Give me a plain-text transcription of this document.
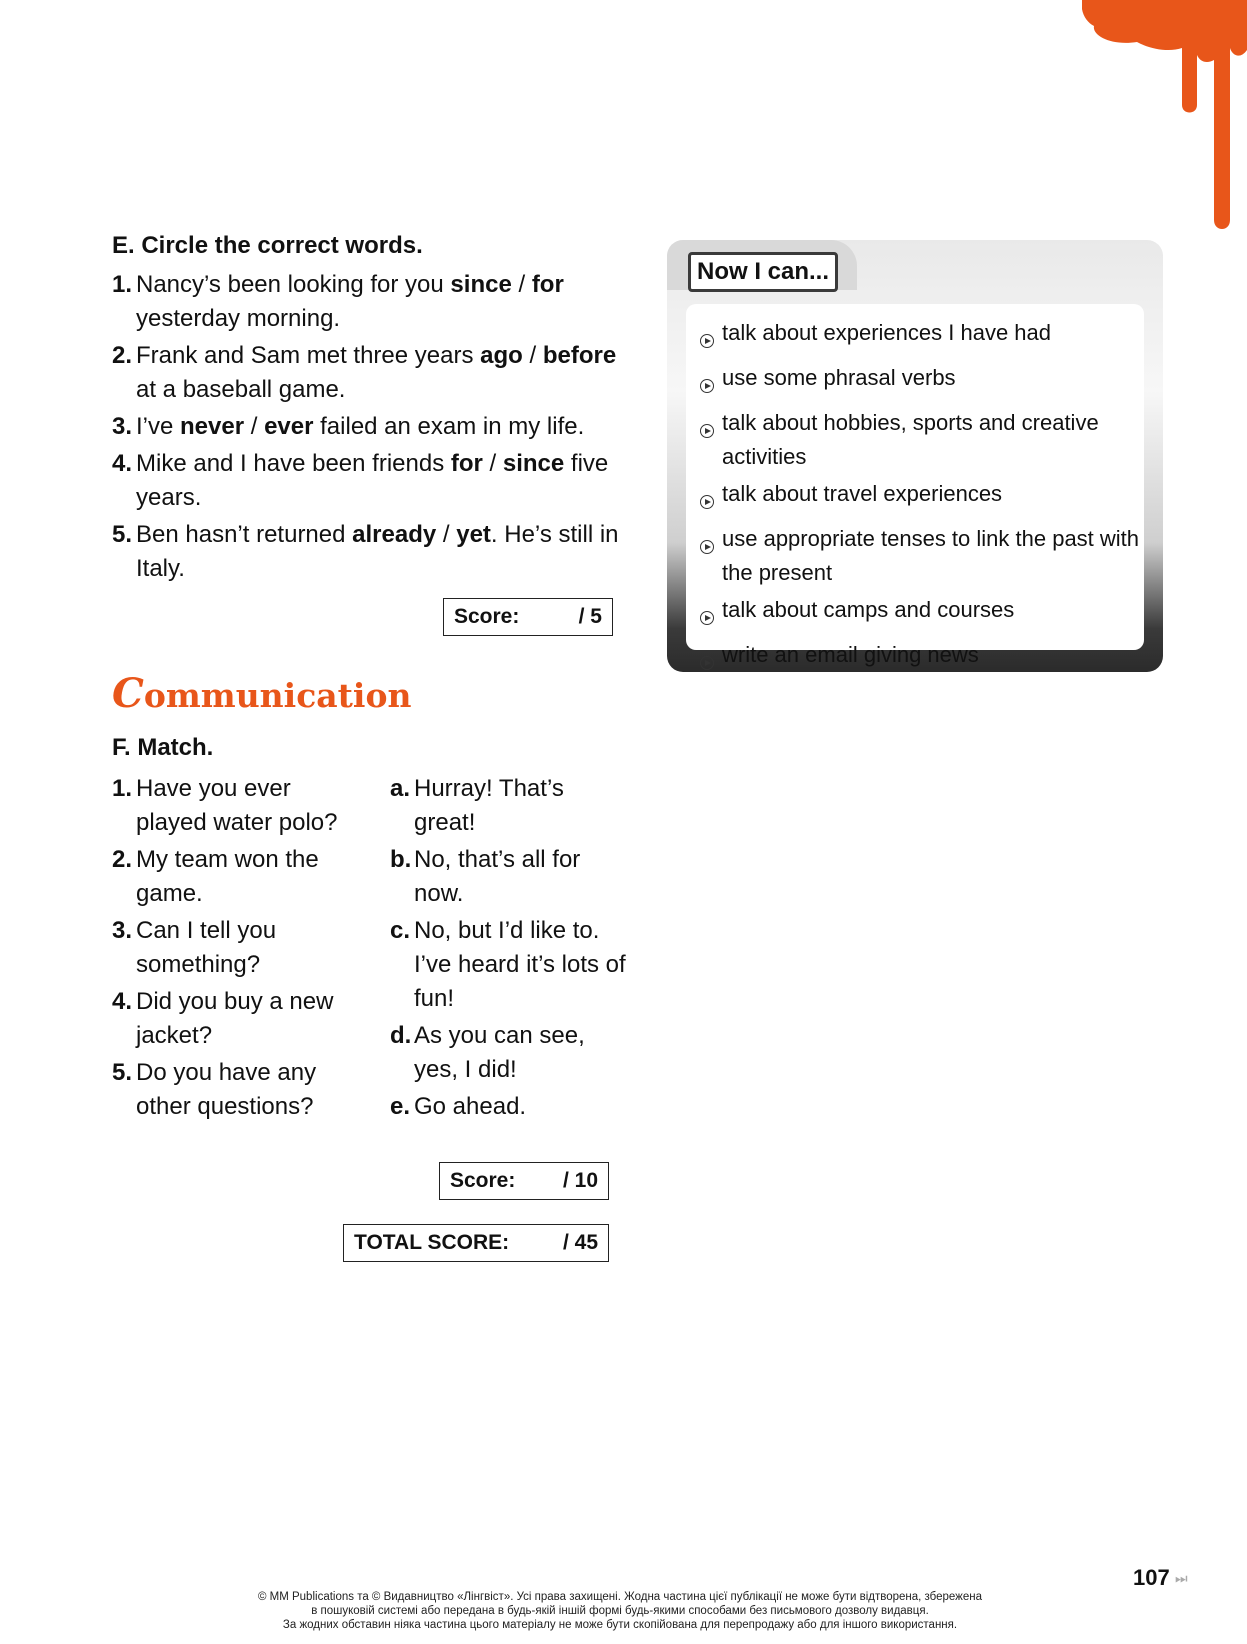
E. Circle the correct words.
1. Nancy’s been looking for you since / for yesterday morning.
2. Frank and Sam met three years ago / before at a baseball game.
3. I’ve never / ever failed an exam in my life.
4. Mike and I have been friends for / since five years.
5. Ben hasn’t returned already / yet. He’s still in Italy.
Score:	/ 5
Communication
F. Match.
1. Have you ever played water polo?
2. My team won the game.
3. Can I tell you something?
4. Did you buy a new jacket?
5. Do you have any other questions?
a. Hurray! That’s great!
b. No, that’s all for now.
c. No, but I’d like to. I’ve heard it’s lots of fun!
d. As you can see, yes, I did!
e. Go ahead.
Score: / 10
TOTAL SCORE:	/ 45
Now I can...
talk about experiences I have had
use some phrasal verbs
talk about hobbies, sports and creative activities
talk about travel experiences
use appropriate tenses to link the past with the present
talk about camps and courses
write an email giving news
107 ⏭
© MM Publications та © Видавництво «Лінгвіст». Усі права захищені. Жодна частина цієї публікації не може бути відтворена, збережена
в пошуковій системі або передана в будь-якій іншій формі будь-якими способами без письмового дозволу видавця.
За жодних обставин ніяка частина цього матеріалу не може бути скопійована для перепродажу або для іншого використання.
